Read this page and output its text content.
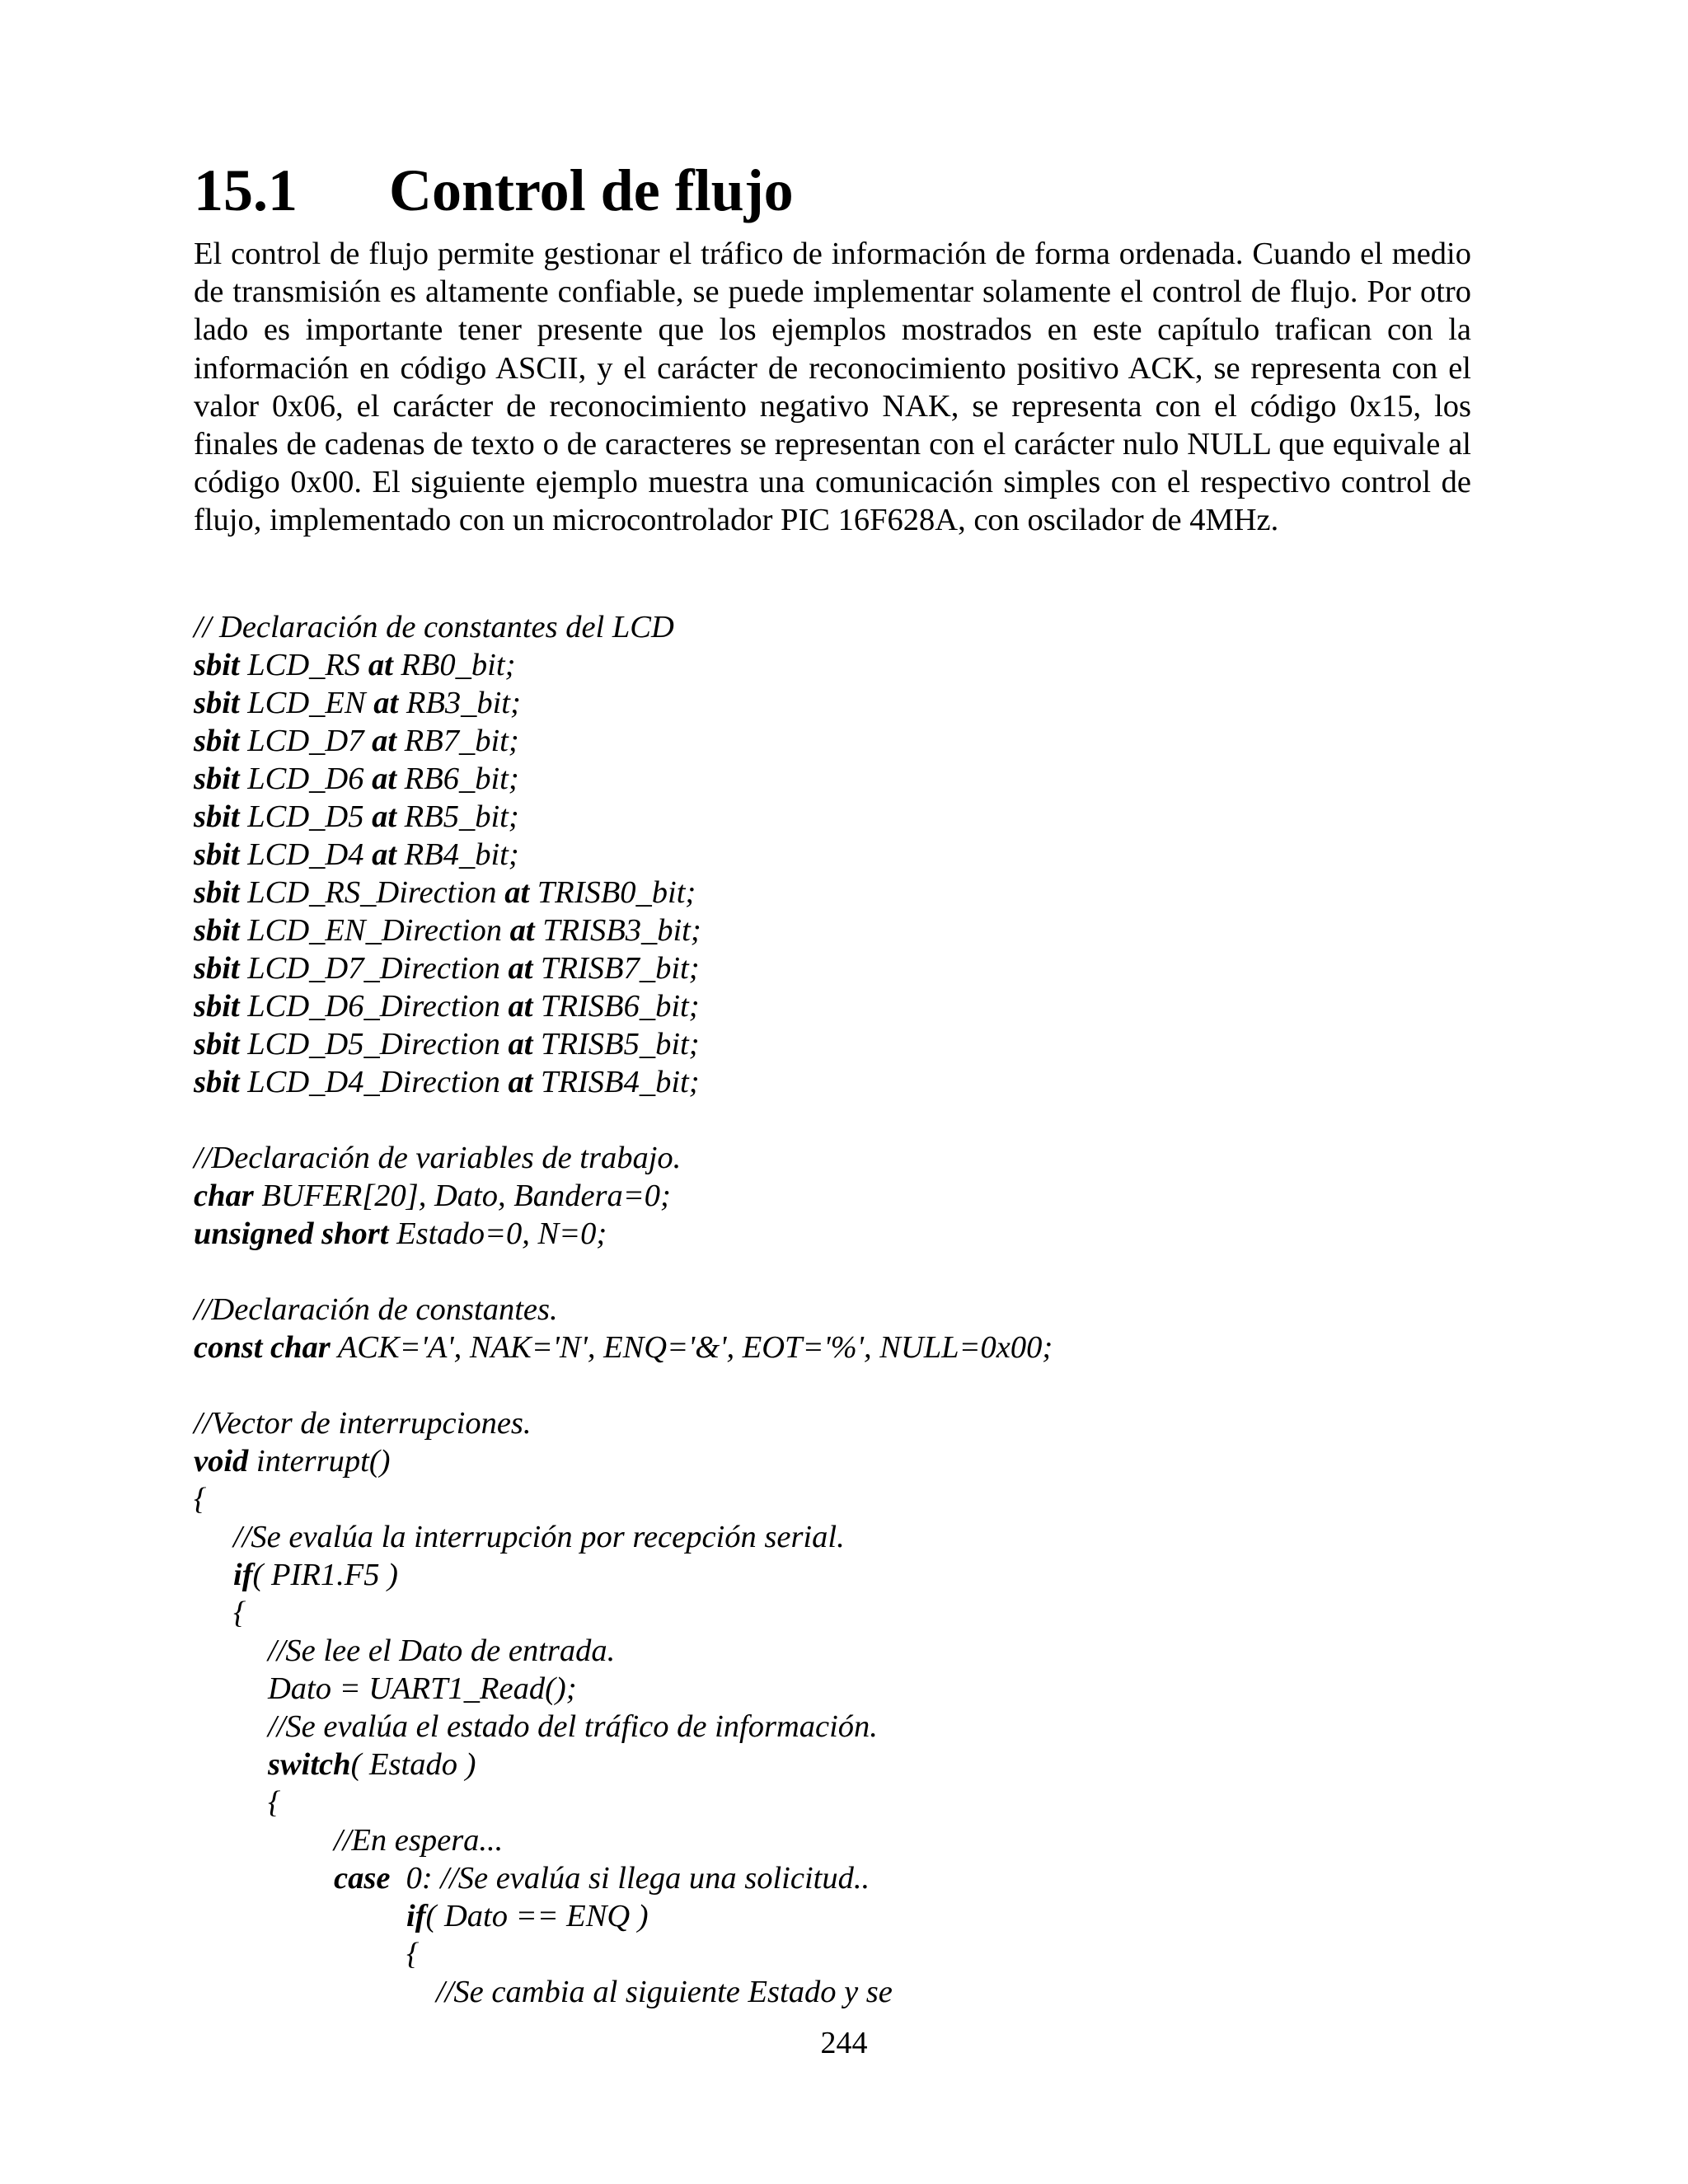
15.1 Control de flujo

El control de flujo permite gestionar el tráfico de información de forma ordenada. Cuando el medio de transmisión es altamente confiable, se puede implementar solamente el control de flujo. Por otro lado es importante tener presente que los ejemplos mostrados en este capítulo trafican con la información en código ASCII, y el carácter de reconocimiento positivo ACK, se representa con el valor 0x06, el carácter de reconocimiento negativo NAK, se representa con el código 0x15, los finales de cadenas de texto o de caracteres se representan con el carácter nulo NULL que equivale al código 0x00. El siguiente ejemplo muestra una comunicación simples con el respectivo control de flujo, implementado con un microcontrolador PIC 16F628A, con oscilador de 4MHz.

// Declaración de constantes del LCD
sbit LCD_RS at RB0_bit;
sbit LCD_EN at RB3_bit;
sbit LCD_D7 at RB7_bit;
sbit LCD_D6 at RB6_bit;
sbit LCD_D5 at RB5_bit;
sbit LCD_D4 at RB4_bit;
sbit LCD_RS_Direction at TRISB0_bit;
sbit LCD_EN_Direction at TRISB3_bit;
sbit LCD_D7_Direction at TRISB7_bit;
sbit LCD_D6_Direction at TRISB6_bit;
sbit LCD_D5_Direction at TRISB5_bit;
sbit LCD_D4_Direction at TRISB4_bit;
//Declaración de variables de trabajo.
char BUFER[20], Dato, Bandera=0;
unsigned short Estado=0, N=0;
//Declaración de constantes.
const char ACK='A', NAK='N', ENQ='&', EOT='%', NULL=0x00;
//Vector de interrupciones.
void interrupt()
{
//Se evalúa la interrupción por recepción serial.
if( PIR1.F5 )
{
//Se lee el Dato de entrada.
Dato = UART1_Read();
//Se evalúa el estado del tráfico de información.
switch( Estado )
{
//En espera...
case  0: //Se evalúa si llega una solicitud..
if( Dato == ENQ )
{
//Se cambia al siguiente Estado y se
244
